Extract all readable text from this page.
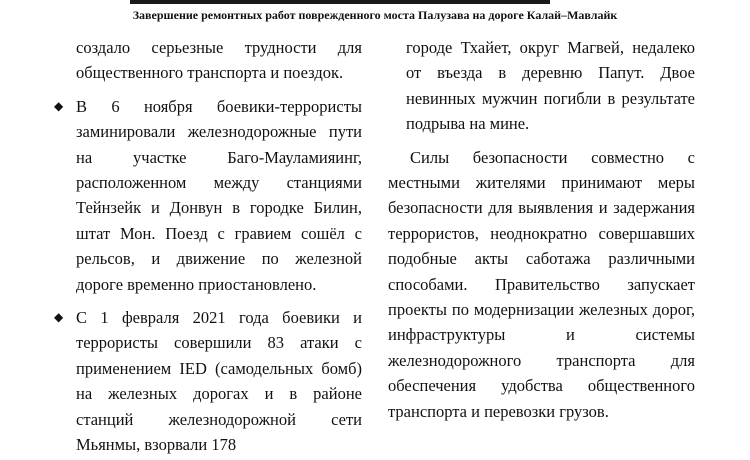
Завершение ремонтных работ поврежденного моста Палузава на дороге Калай–Мавлайк

создало серьезные трудности для общественного транспорта и поездок.

◆ В 6 ноября боевики-террористы заминировали железнодорожные пути на участке Баго-Мауламияинг, расположенном между станциями Тейнзейк и Донвун в городке Билин, штат Мон. Поезд с гравием сошёл с рельсов, и движение по железной дороге временно приостановлено.

◆ С 1 февраля 2021 года боевики и террористы совершили 83 атаки с применением IED (самодельных бомб) на железных дорогах и в районе станций железнодорожной сети Мьянмы, взорвали 178

городе Тхайет, округ Магвей, недалеко от въезда в деревню Папут. Двое невинных мужчин погибли в результате подрыва на мине.

Силы безопасности совместно с местными жителями принимают меры безопасности для выявления и задержания террористов, неоднократно совершавших подобные акты саботажа различными способами. Правительство запускает проекты по модернизации железных дорог, инфраструктуры и системы железнодорожного транспорта для обеспечения удобства общественного транспорта и перевозки грузов.
